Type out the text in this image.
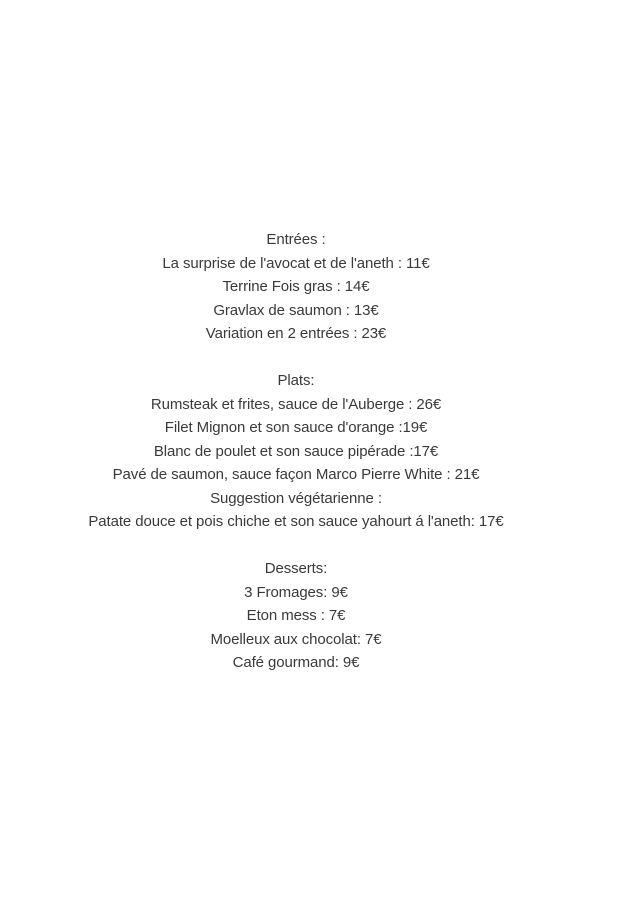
Entrées :
La surprise de l'avocat et de l'aneth : 11€
Terrine Fois gras : 14€
Gravlax de saumon : 13€
Variation en 2 entrées : 23€
Plats:
Rumsteak et frites, sauce de l'Auberge : 26€
Filet Mignon et son sauce d'orange :19€
Blanc de poulet et son sauce pipérade :17€
Pavé de saumon, sauce façon Marco Pierre White : 21€
Suggestion végétarienne :
Patate douce et pois chiche et son sauce yahourt á l'aneth: 17€
Desserts:
3 Fromages: 9€
Eton mess : 7€
Moelleux aux chocolat: 7€
Café gourmand: 9€
